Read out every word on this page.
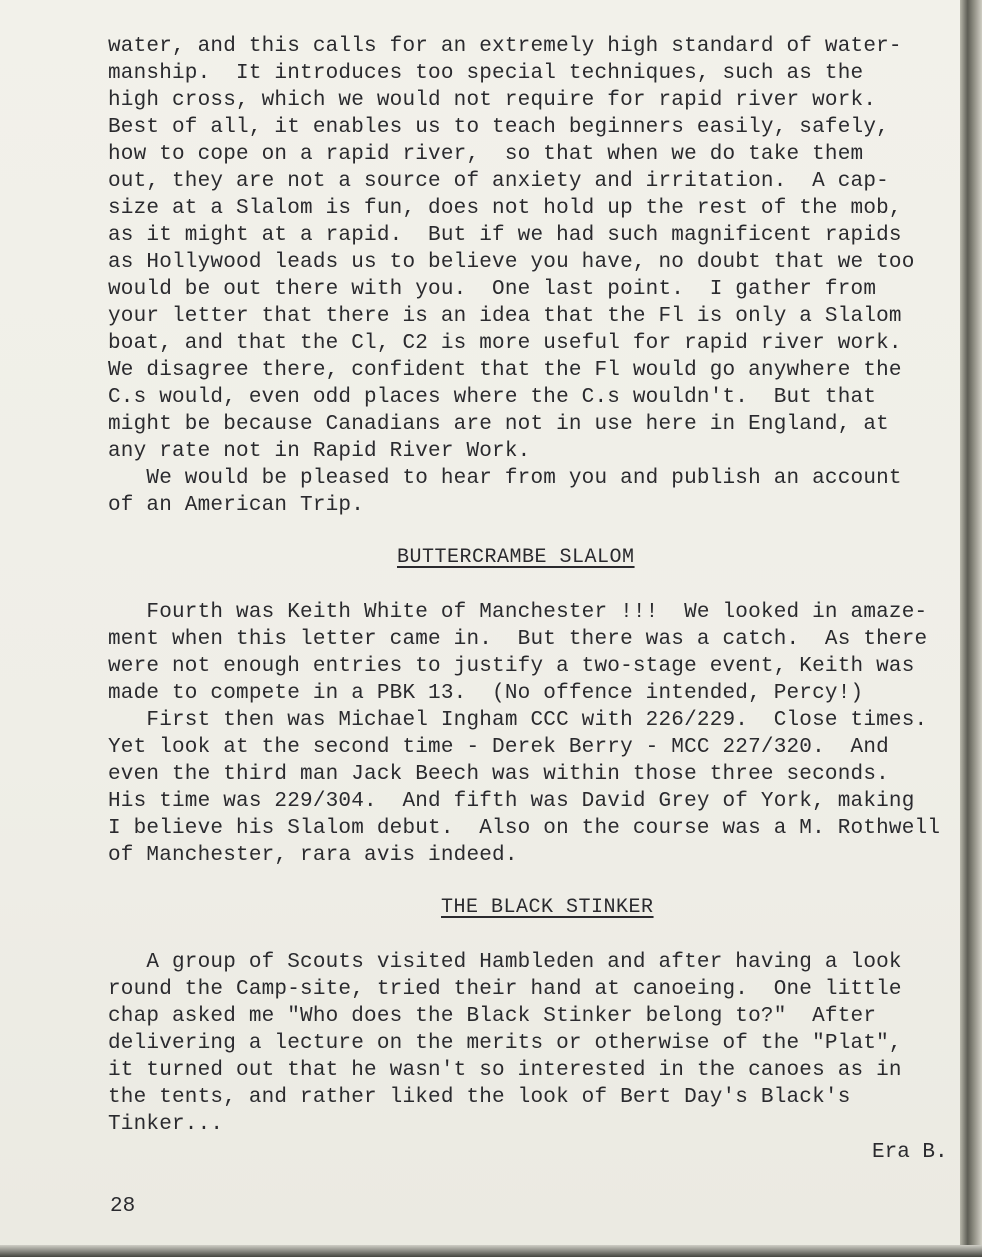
water, and this calls for an extremely high standard of water-
manship.  It introduces too special techniques, such as the
high cross, which we would not require for rapid river work.
Best of all, it enables us to teach beginners easily, safely,
how to cope on a rapid river,  so that when we do take them
out, they are not a source of anxiety and irritation.  A cap-
size at a Slalom is fun, does not hold up the rest of the mob,
as it might at a rapid.  But if we had such magnificent rapids
as Hollywood leads us to believe you have, no doubt that we too
would be out there with you.  One last point.  I gather from
your letter that there is an idea that the Fl is only a Slalom
boat, and that the Cl, C2 is more useful for rapid river work.
We disagree there, confident that the Fl would go anywhere the
C.s would, even odd places where the C.s wouldn't.  But that
might be because Canadians are not in use here in England, at
any rate not in Rapid River Work.
We would be pleased to hear from you and publish an account
of an American Trip.
BUTTERCRAMBE SLALOM
Fourth was Keith White of Manchester !!!  We looked in amaze-
ment when this letter came in.  But there was a catch.  As there
were not enough entries to justify a two-stage event, Keith was
made to compete in a PBK 13.  (No offence intended, Percy!)
First then was Michael Ingham CCC with 226/229.  Close times.
Yet look at the second time - Derek Berry - MCC 227/320.  And
even the third man Jack Beech was within those three seconds.
His time was 229/304.  And fifth was David Grey of York, making
I believe his Slalom debut.  Also on the course was a M. Rothwell
of Manchester, rara avis indeed.
THE BLACK STINKER
A group of Scouts visited Hambleden and after having a look
round the Camp-site, tried their hand at canoeing.  One little
chap asked me "Who does the Black Stinker belong to?"  After
delivering a lecture on the merits or otherwise of the "Plat",
it turned out that he wasn't so interested in the canoes as in
the tents, and rather liked the look of Bert Day's Black's
Tinker...
Era B.
28
